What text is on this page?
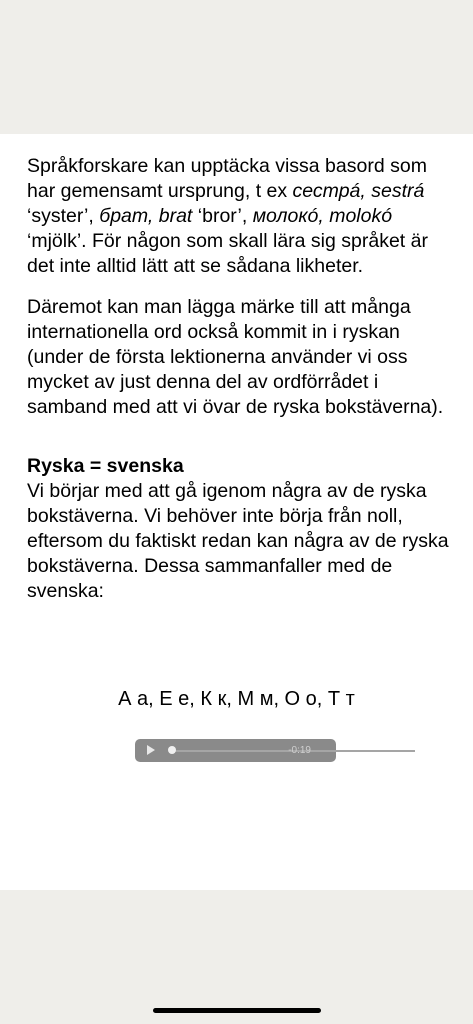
Språkforskare kan upptäcka vissa basord som har gemensamt ursprung, t ex сестрá, sestrá ‘syster’, брат, brat ‘bror’, молокó, molokó ‘mjölk’. För någon som skall lära sig språket är det inte alltid lätt att se sådana likheter.

Däremot kan man lägga märke till att många internationella ord också kommit in i ryskan (under de första lektionerna använder vi oss mycket av just denna del av ordförrådet i samband med att vi övar de ryska bokstäverna).

Ryska = svenska
Vi börjar med att gå igenom några av de ryska bokstäverna. Vi behöver inte börja från noll, eftersom du faktiskt redan kan några av de ryska bokstäverna. Dessa sammanfaller med de svenska:

А а, Е е, К к, М м, О о, Т т
-0:19
